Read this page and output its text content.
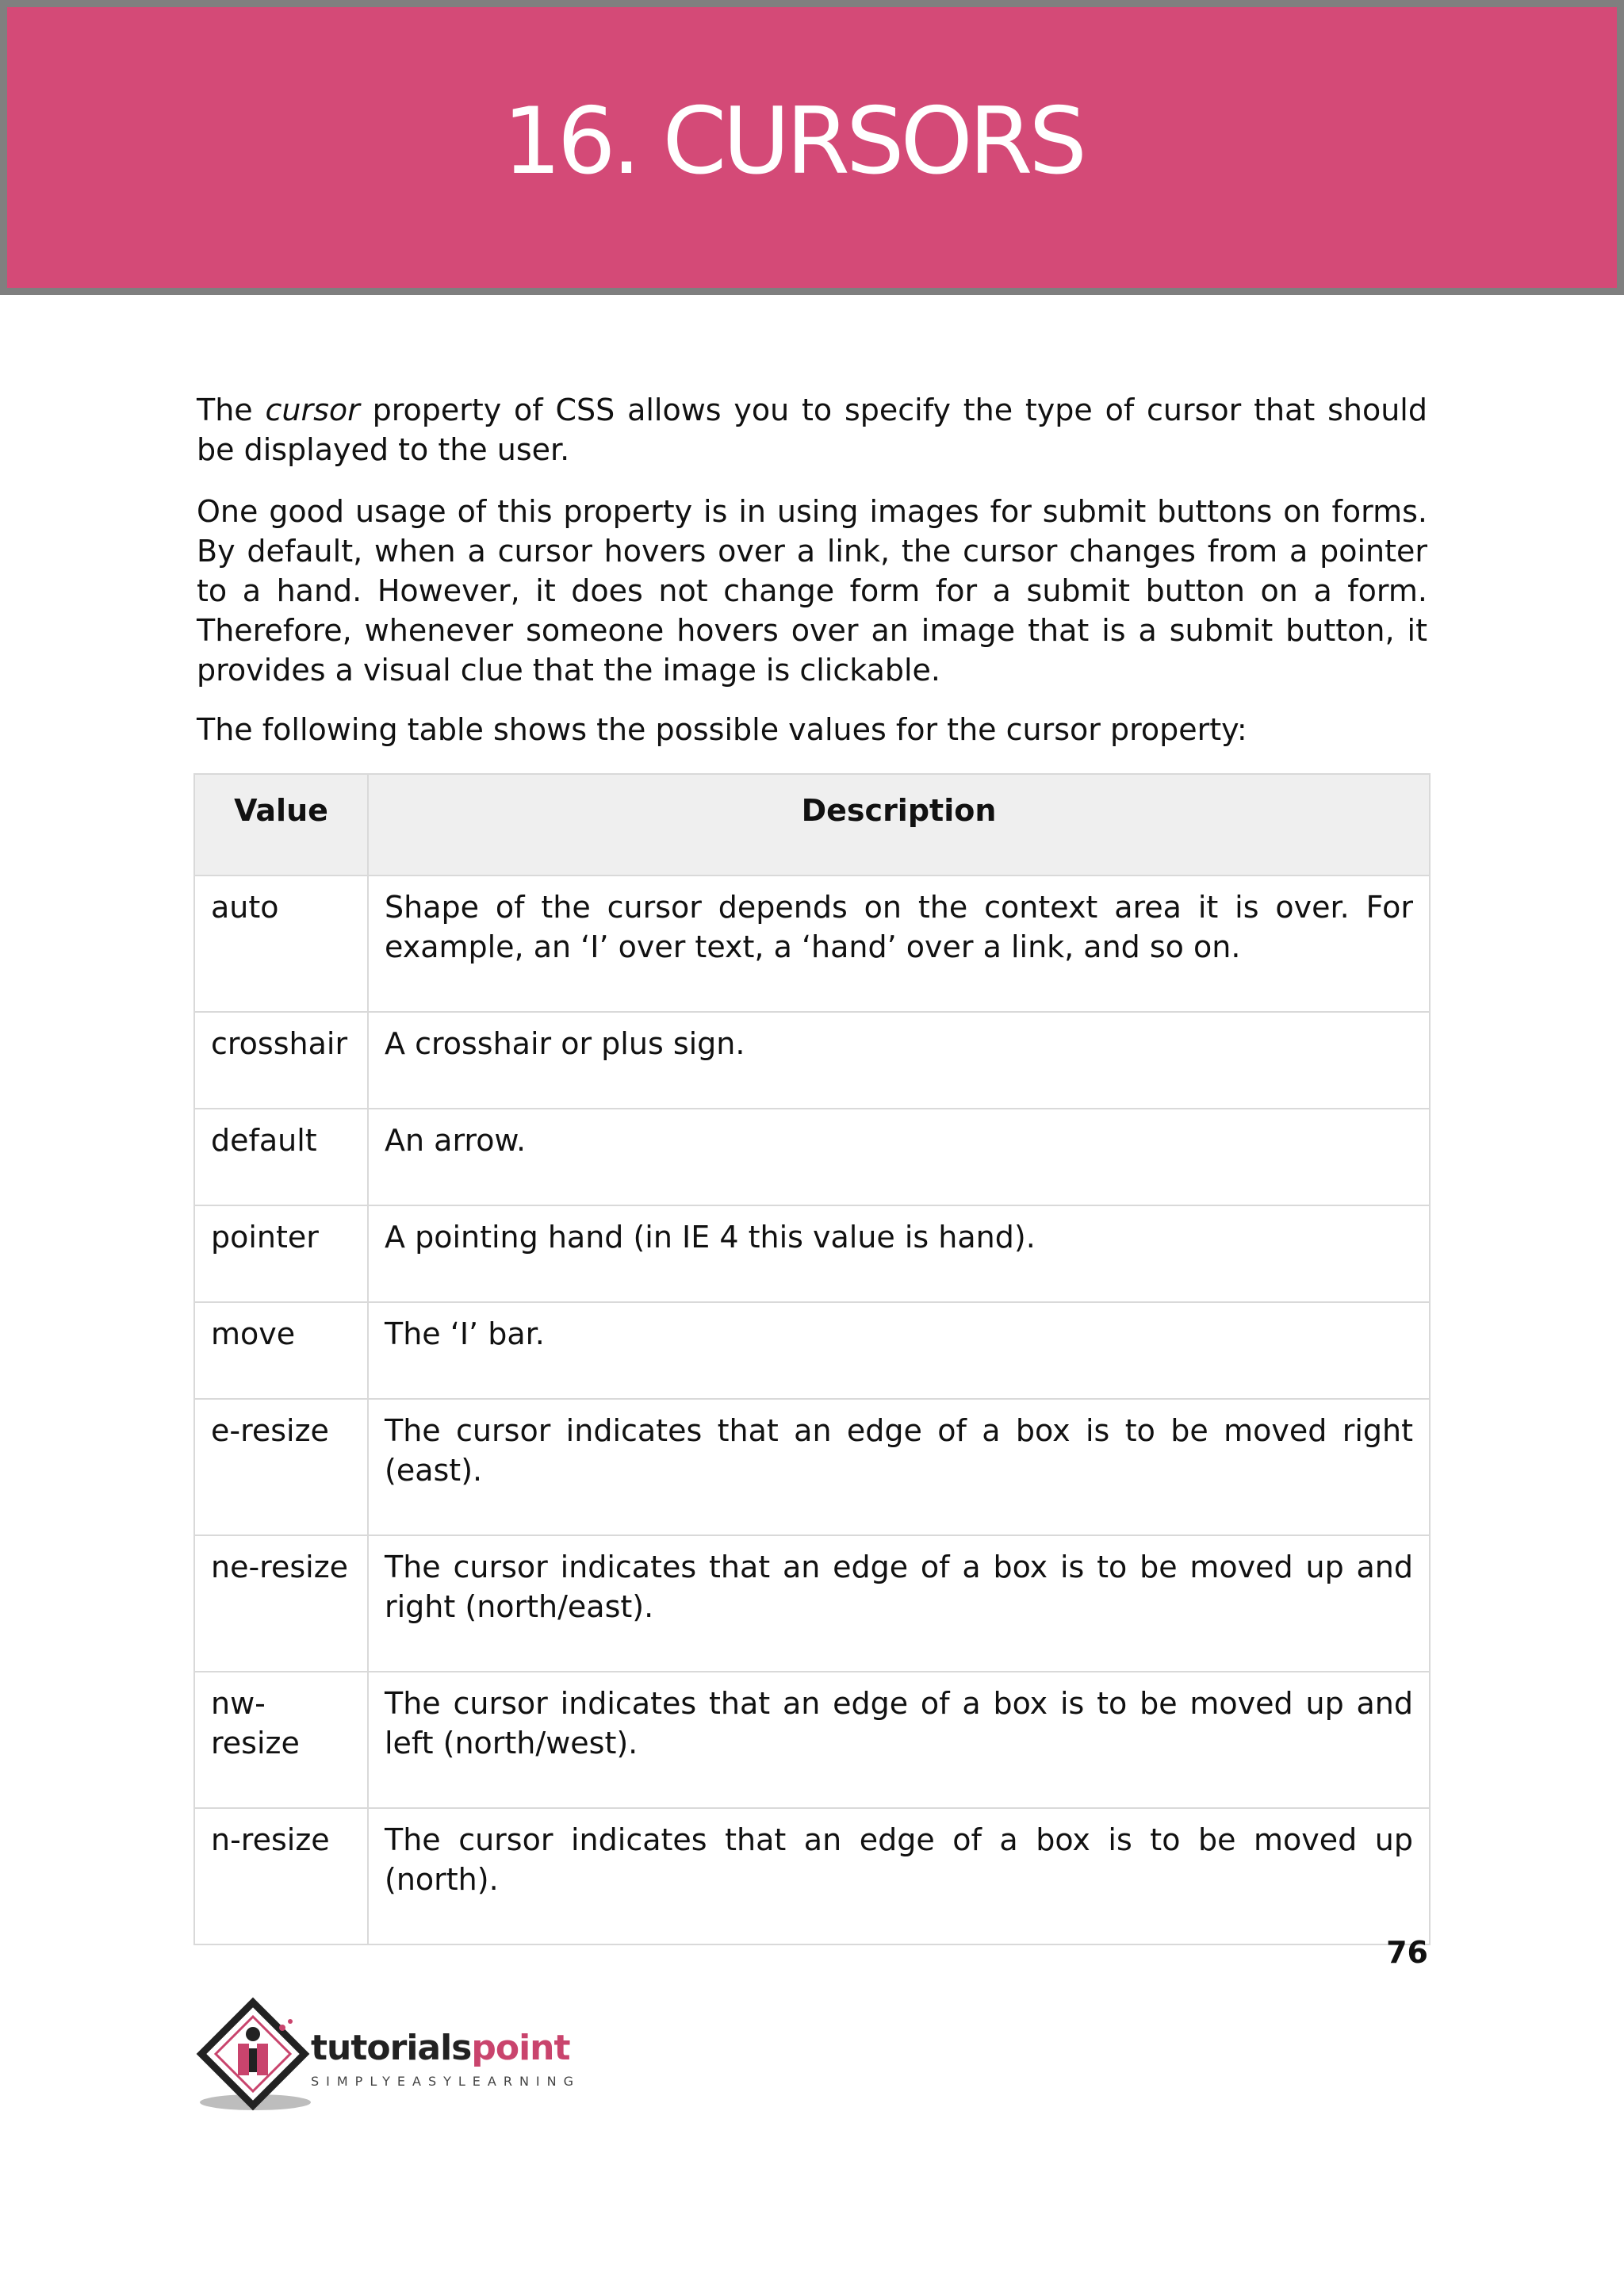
16. CURSORS

The cursor property of CSS allows you to specify the type of cursor that should be displayed to the user.

One good usage of this property is in using images for submit buttons on forms. By default, when a cursor hovers over a link, the cursor changes from a pointer to a hand. However, it does not change form for a submit button on a form. Therefore, whenever someone hovers over an image that is a submit button, it provides a visual clue that the image is clickable.

The following table shows the possible values for the cursor property:

Value	Description
auto	Shape of the cursor depends on the context area it is over. For example, an ‘I’ over text, a ‘hand’ over a link, and so on.
crosshair	A crosshair or plus sign.
default	An arrow.
pointer	A pointing hand (in IE 4 this value is hand).
move	The ‘I’ bar.
e-resize	The cursor indicates that an edge of a box is to be moved right (east).
ne-resize	The cursor indicates that an edge of a box is to be moved up and right (north/east).
nw-resize	The cursor indicates that an edge of a box is to be moved up and left (north/west).
n-resize	The cursor indicates that an edge of a box is to be moved up (north).
76
tutorialspoint
SIMPLYEASYLEARNING
